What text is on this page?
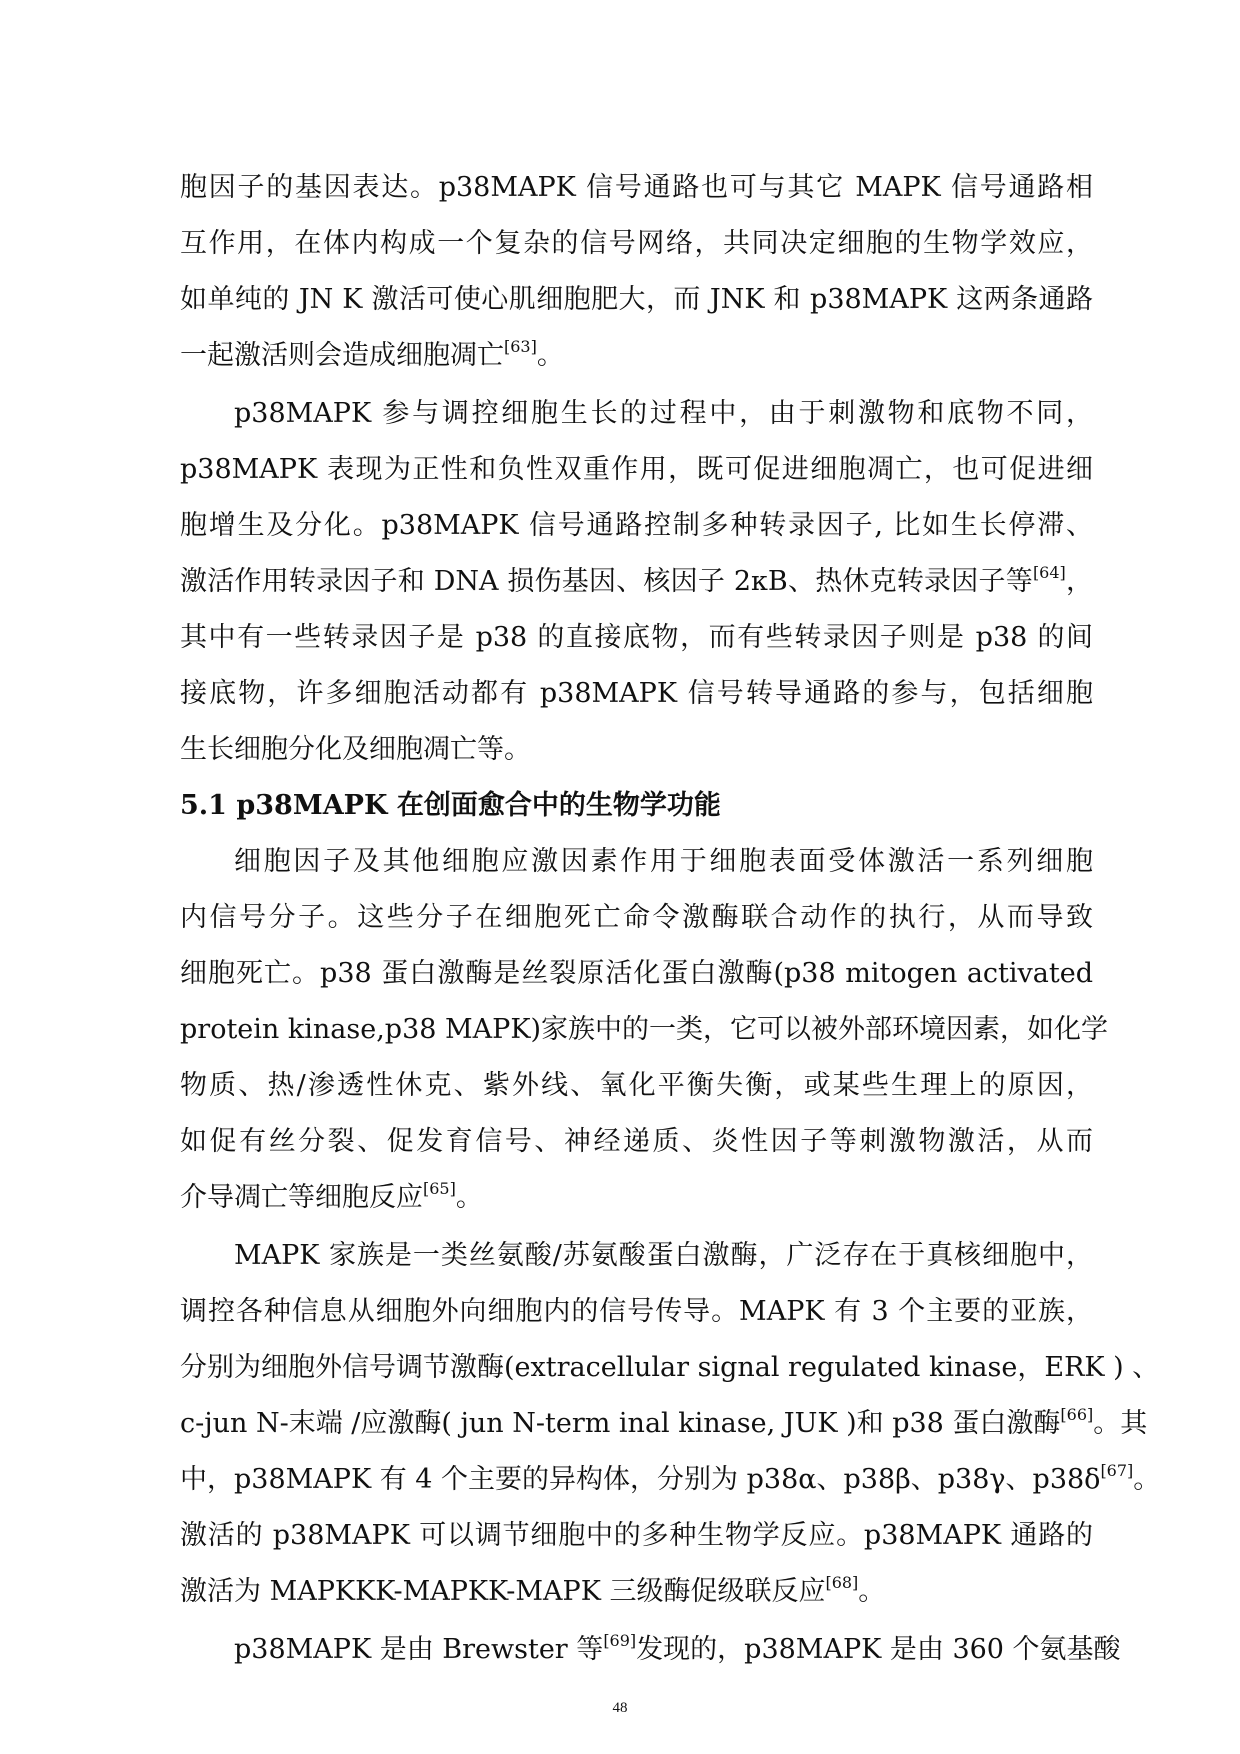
胞因子的基因表达。p38MAPK 信号通路也可与其它 MAPK 信号通路相
互作用，在体内构成一个复杂的信号网络，共同决定细胞的生物学效应，
如单纯的 JN K 激活可使心肌细胞肥大，而 JNK 和 p38MAPK 这两条通路
一起激活则会造成细胞凋亡[63]。
p38MAPK 参与调控细胞生长的过程中，由于刺激物和底物不同，
p38MAPK 表现为正性和负性双重作用，既可促进细胞凋亡，也可促进细
胞增生及分化。p38MAPK 信号通路控制多种转录因子, 比如生长停滞、
激活作用转录因子和 DNA 损伤基因、核因子 2κB、热休克转录因子等[64]，
其中有一些转录因子是 p38 的直接底物，而有些转录因子则是 p38 的间
接底物，许多细胞活动都有 p38MAPK 信号转导通路的参与，包括细胞
生长细胞分化及细胞凋亡等。
5.1 p38MAPK 在创面愈合中的生物学功能
细胞因子及其他细胞应激因素作用于细胞表面受体激活一系列细胞
内信号分子。这些分子在细胞死亡命令激酶联合动作的执行，从而导致
细胞死亡。p38 蛋白激酶是丝裂原活化蛋白激酶(p38 mitogen activated
protein kinase,p38 MAPK)家族中的一类，它可以被外部环境因素，如化学
物质、热/渗透性休克、紫外线、氧化平衡失衡，或某些生理上的原因，
如促有丝分裂、促发育信号、神经递质、炎性因子等刺激物激活，从而
介导凋亡等细胞反应[65]。
MAPK 家族是一类丝氨酸/苏氨酸蛋白激酶，广泛存在于真核细胞中，
调控各种信息从细胞外向细胞内的信号传导。MAPK 有 3 个主要的亚族，
分别为细胞外信号调节激酶(extracellular signal regulated kinase，ERK ) 、
c-jun N-末端 /应激酶( jun N-term inal kinase, JUK )和 p38 蛋白激酶[66]。其
中，p38MAPK 有 4 个主要的异构体，分别为 p38α、p38β、p38γ、p38δ[67]。
激活的 p38MAPK 可以调节细胞中的多种生物学反应。p38MAPK 通路的
激活为 MAPKKK-MAPKK-MAPK 三级酶促级联反应[68]。
p38MAPK 是由 Brewster 等[69]发现的，p38MAPK 是由 360 个氨基酸
48
